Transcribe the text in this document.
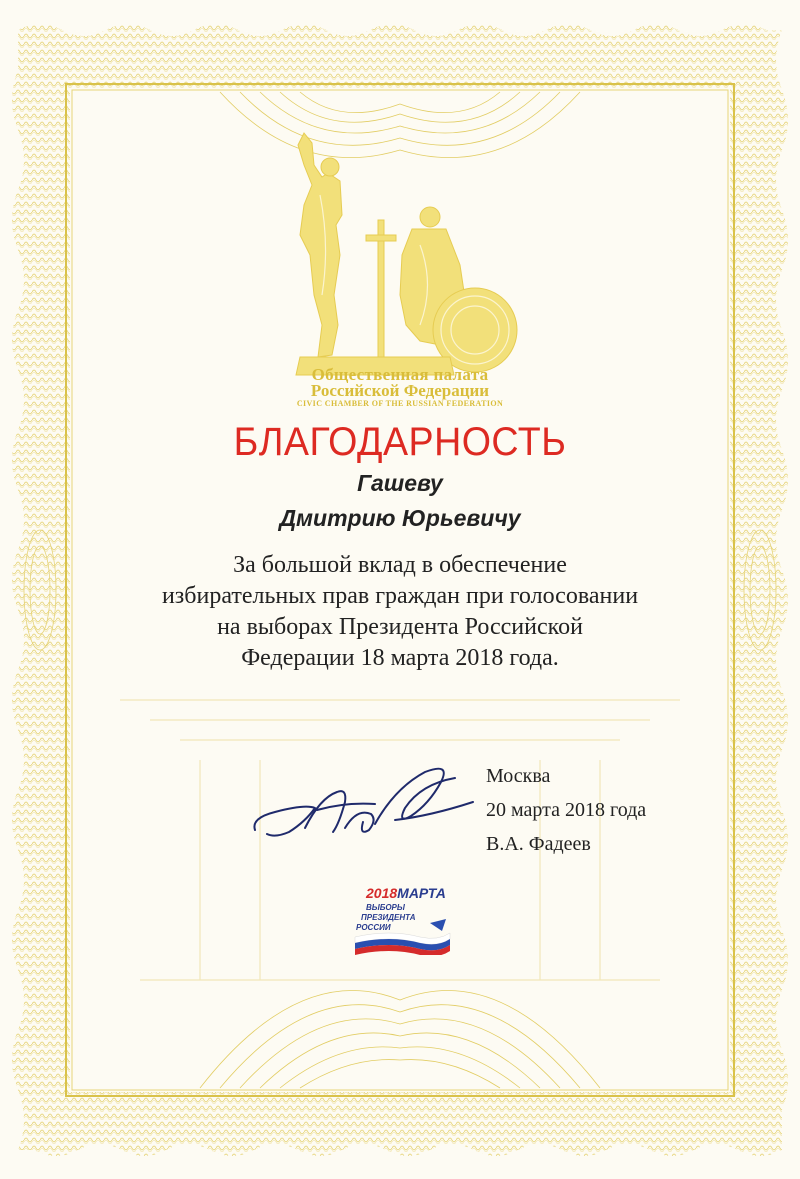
Общественная палата
Российской Федерации
CIVIC CHAMBER OF THE RUSSIAN FEDERATION
БЛАГОДАРНОСТЬ
Гашеву
Дмитрию Юрьевичу
За большой вклад в обеспечение
избирательных прав граждан при голосовании
на выборах Президента Российской
Федерации 18 марта 2018 года.
Москва
20 марта 2018 года
В.А. Фадеев
2018МАРТА
ВЫБОРЫ
ПРЕЗИДЕНТА
РОССИИ
